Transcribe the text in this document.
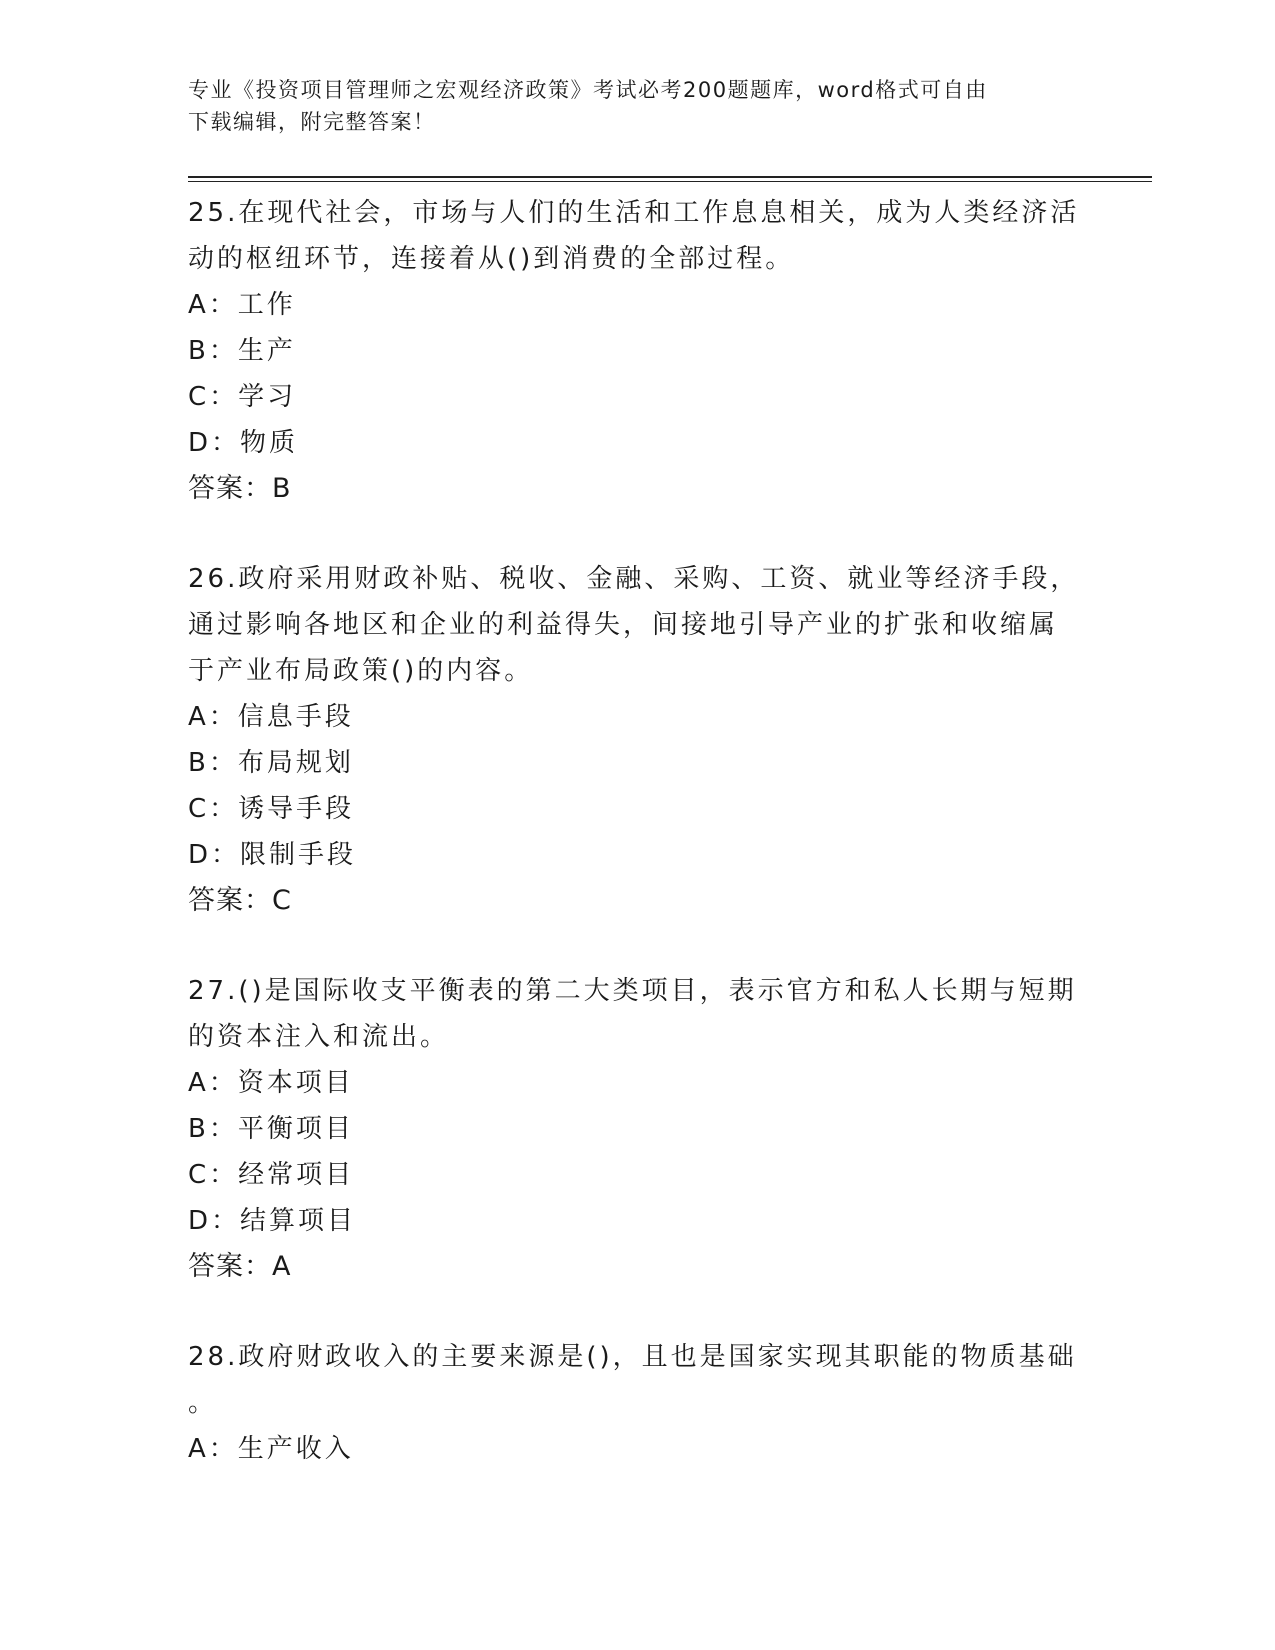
专业《投资项目管理师之宏观经济政策》考试必考200题题库，word格式可自由
下载编辑，附完整答案！
25.在现代社会，市场与人们的生活和工作息息相关，成为人类经济活
动的枢纽环节，连接着从()到消费的全部过程。
A：工作
B：生产
C：学习
D：物质
答案：B
26.政府采用财政补贴、税收、金融、采购、工资、就业等经济手段，
通过影响各地区和企业的利益得失，间接地引导产业的扩张和收缩属
于产业布局政策()的内容。
A：信息手段
B：布局规划
C：诱导手段
D：限制手段
答案：C
27.()是国际收支平衡表的第二大类项目，表示官方和私人长期与短期
的资本注入和流出。
A：资本项目
B：平衡项目
C：经常项目
D：结算项目
答案：A
28.政府财政收入的主要来源是()，且也是国家实现其职能的物质基础
。
A：生产收入
